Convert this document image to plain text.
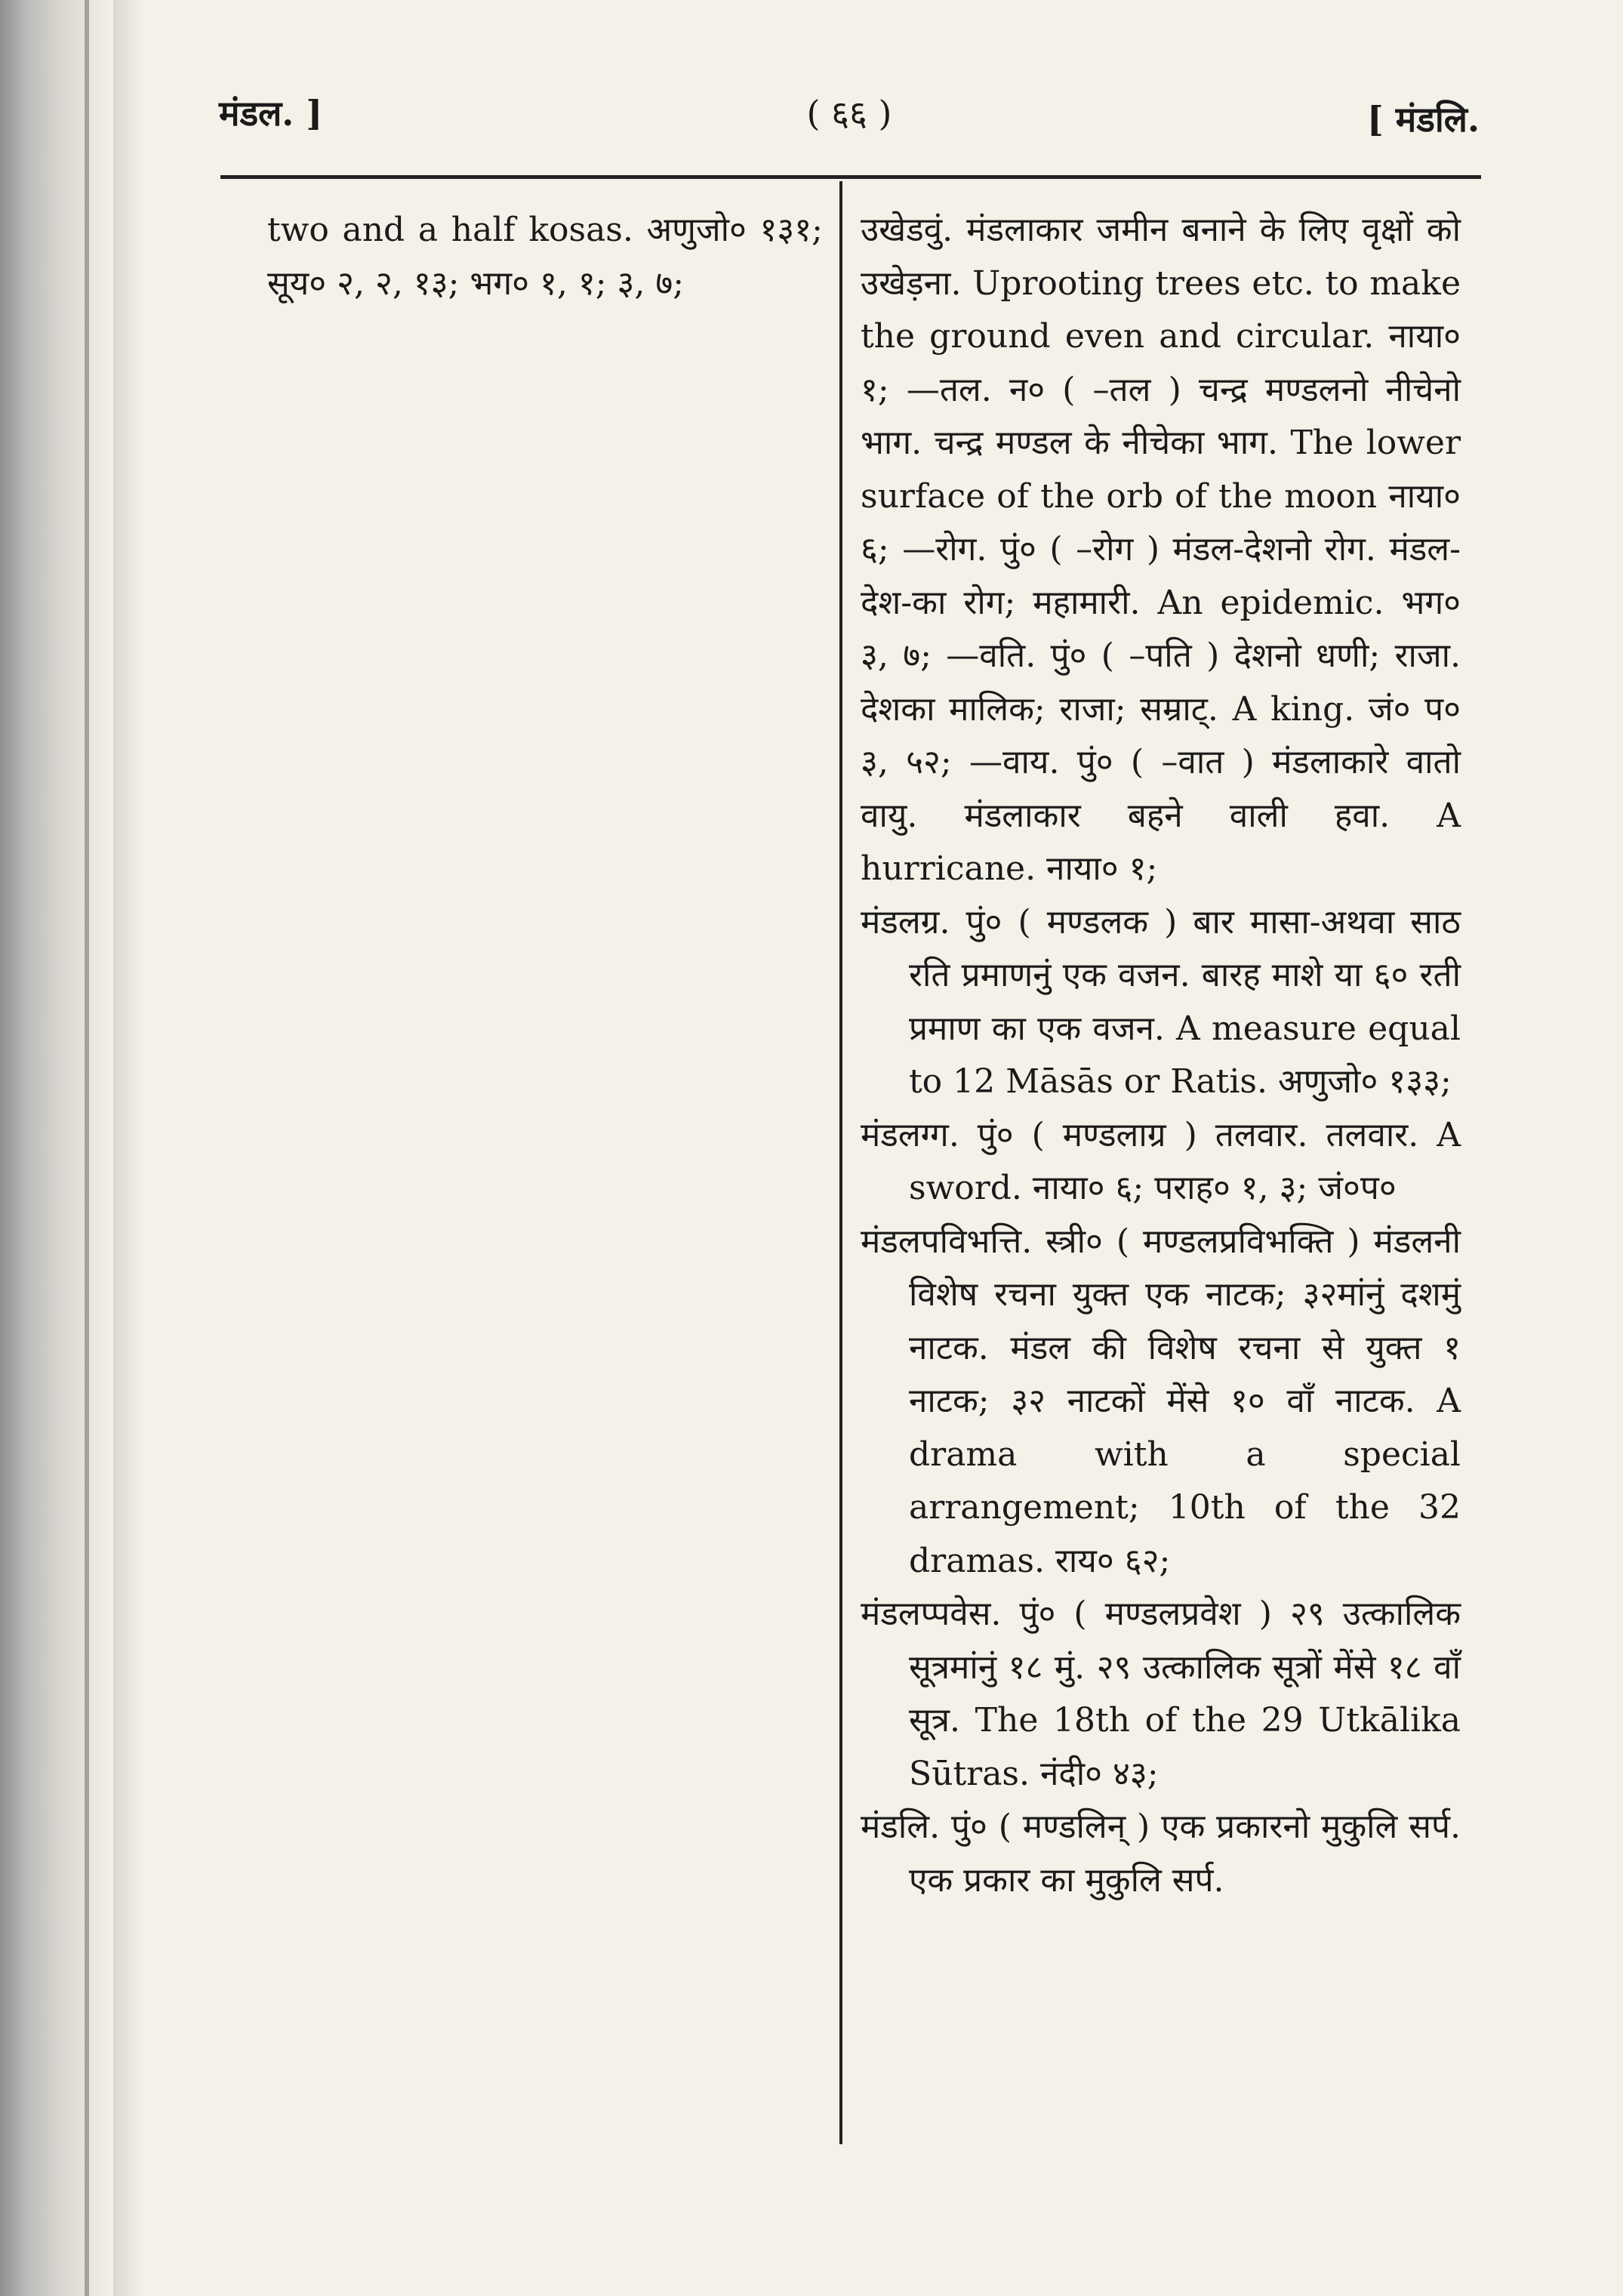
मंडल. ]	( ६६ )	[ मंडलि.

two and a half kosas. अणुजो० १३१; सूय० २, २, १३; भग० १, १; ३, ७;

उखेडवुं. मंडलाकार जमीन बनाने के लिए वृक्षों को उखेड़ना. Uprooting trees etc. to make the ground even and circular. नाया० १; —तल. न० ( –तल ) चन्द्र मण्डलनो नीचेनो भाग. चन्द्र मण्डल के नीचेका भाग. The lower surface of the orb of the moon नाया० ६; —रोग. पुं० ( –रोग ) मंडल-देशनो रोग. मंडल-देश-का रोग; महामारी. An epidemic. भग० ३, ७; —वति. पुं० ( –पति ) देशनो धणी; राजा. देशका मालिक; राजा; सम्राट्. A king. जं० प० ३, ५२; —वाय. पुं० ( –वात ) मंडलाकारे वातो वायु. मंडलाकार बहने वाली हवा. A hurricane. नाया० १;

मंडलग्र. पुं० ( मण्डलक ) बार मासा-अथवा साठ रति प्रमाणनुं एक वजन. बारह माशे या ६० रती प्रमाण का एक वजन. A measure equal to 12 Māsās or Ratis. अणुजो० १३३;

मंडलग्ग. पुं० ( मण्डलाग्र ) तलवार. तलवार. A sword. नाया० ६; पराह० १, ३; जं०प०

मंडलपविभत्ति. स्त्री० ( मण्डलप्रविभक्ति ) मंडलनी विशेष रचना युक्त एक नाटक; ३२मांनुं दशमुं नाटक. मंडल की विशेष रचना से युक्त १ नाटक; ३२ नाटकों मेंसे १० वाँ नाटक. A drama with a special arrangement; 10th of the 32 dramas. राय० ६२;

मंडलप्पवेस. पुं० ( मण्डलप्रवेश ) २९ उत्कालिक सूत्रमांनुं १८ मुं. २९ उत्कालिक सूत्रों मेंसे १८ वाँ सूत्र. The 18th of the 29 Utkālika Sūtras. नंदी० ४३;

मंडलि. पुं० ( मण्डलिन् ) एक प्रकारनो मुकुलि सर्प. एक प्रकार का मुकुलि सर्प.
